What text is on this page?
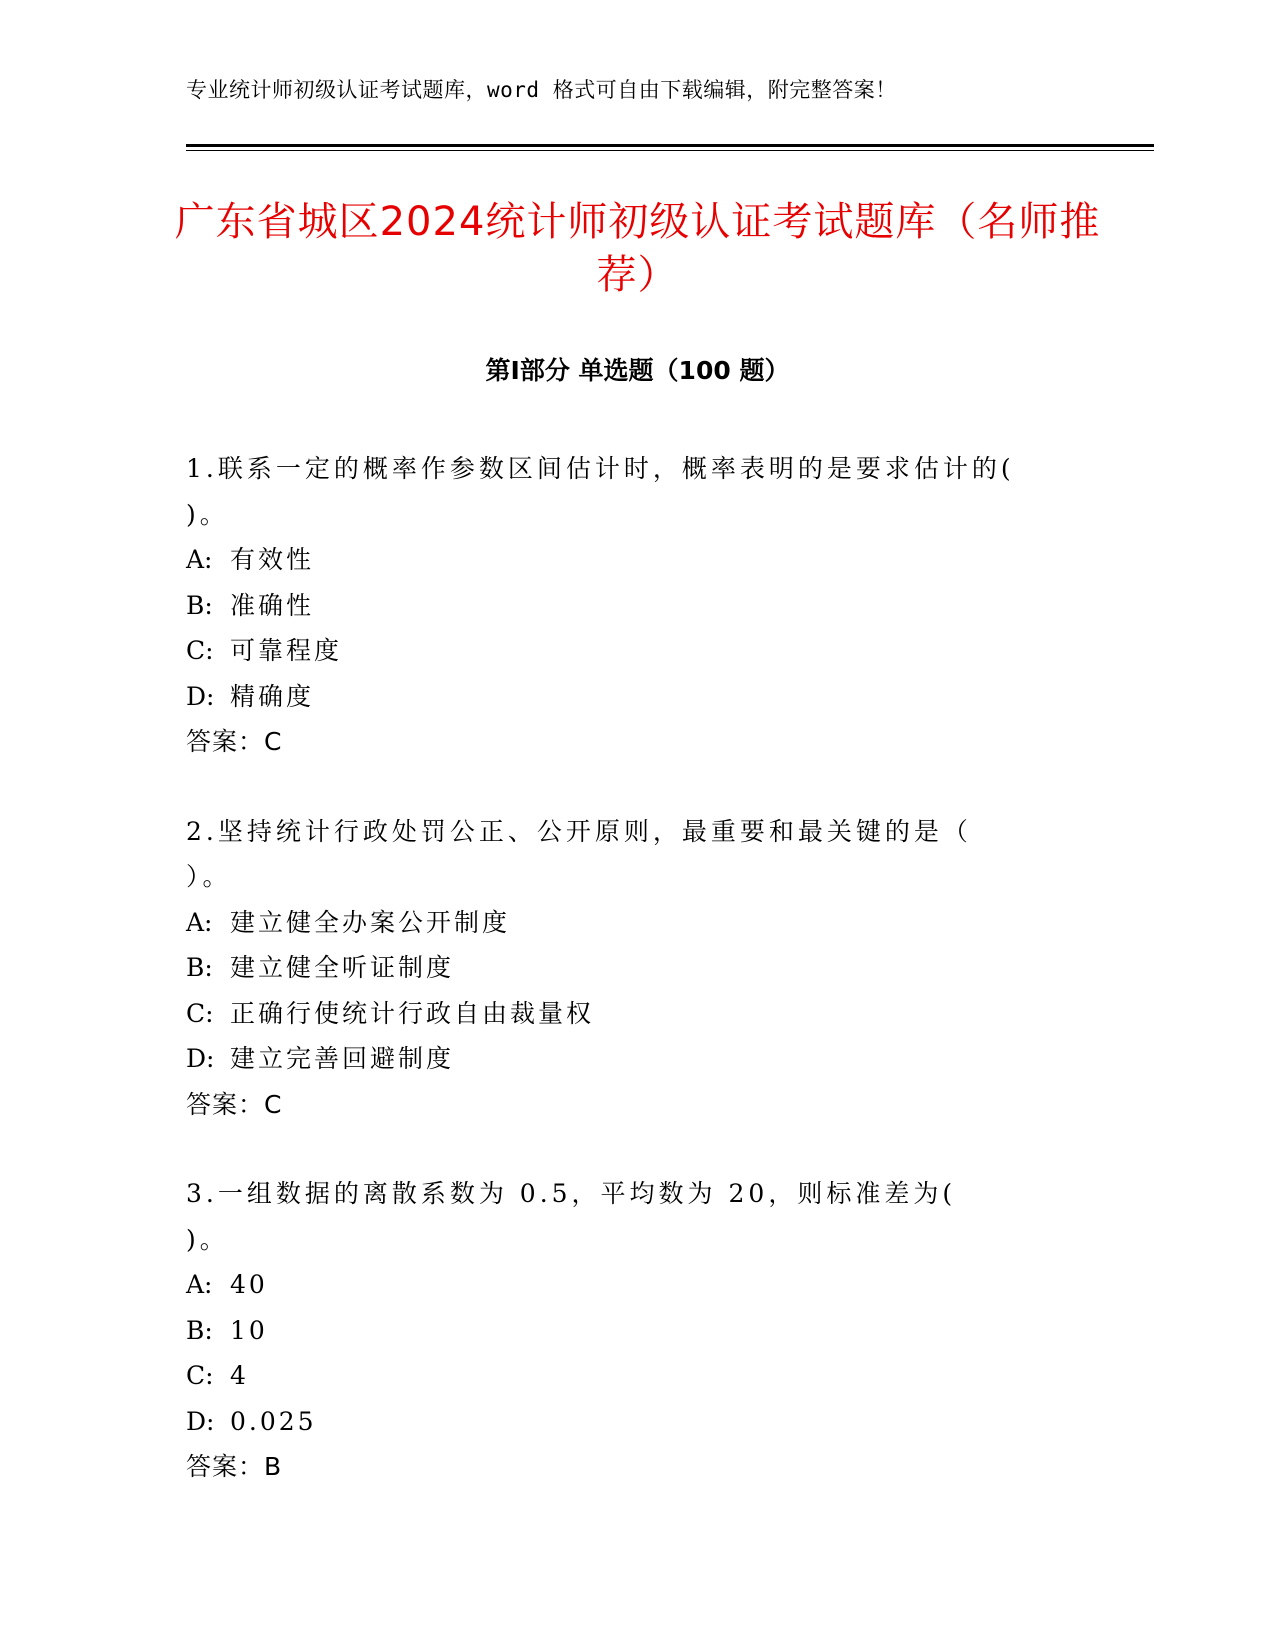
专业统计师初级认证考试题库，word 格式可自由下载编辑，附完整答案！
广东省城区2024统计师初级认证考试题库（名师推荐）
第Ⅰ部分 单选题（100 题）
1.联系一定的概率作参数区间估计时，概率表明的是要求估计的(
)。
A: 有效性
B: 准确性
C: 可靠程度
D: 精确度
答案：C
2.坚持统计行政处罚公正、公开原则，最重要和最关键的是（
）。
A: 建立健全办案公开制度
B: 建立健全听证制度
C: 正确行使统计行政自由裁量权
D: 建立完善回避制度
答案：C
3.一组数据的离散系数为 0.5，平均数为 20，则标准差为(　　)。
A: 40
B: 10
C: 4
D: 0.025
答案：B
